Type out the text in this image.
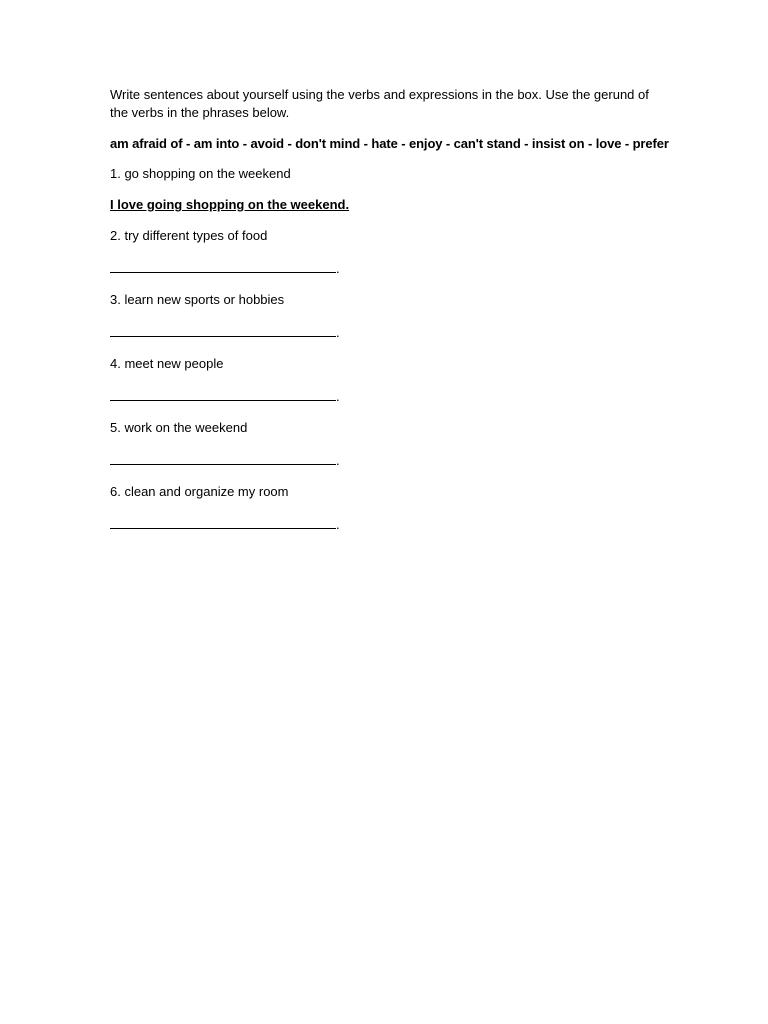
Write sentences about yourself using the verbs and expressions in the box. Use the gerund of the verbs in the phrases below.

am afraid of - am into - avoid - don't mind - hate - enjoy - can't stand - insist on - love - prefer

1. go shopping on the weekend

I love going shopping on the weekend.

2. try different types of food

.

3. learn new sports or hobbies

.

4. meet new people

.

5. work on the weekend

.

6. clean and organize my room

.
